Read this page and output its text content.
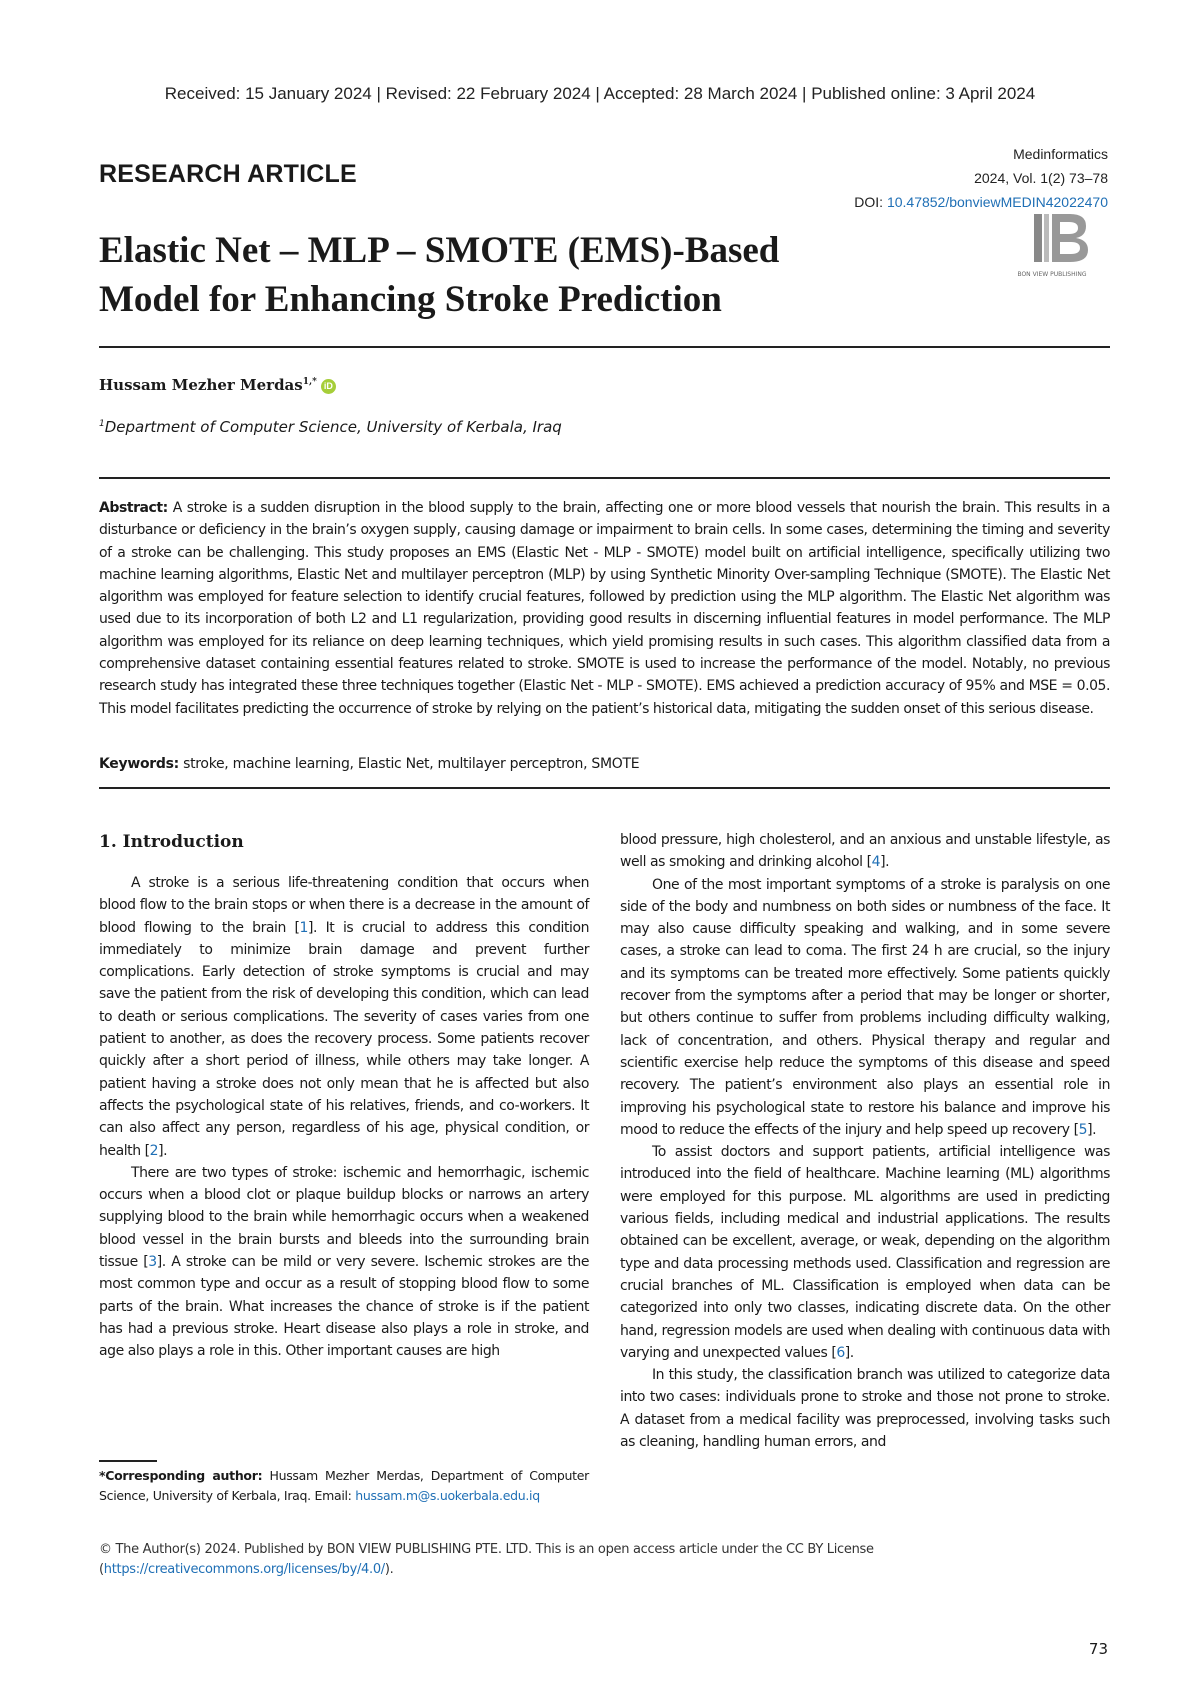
Received: 15 January 2024 | Revised: 22 February 2024 | Accepted: 28 March 2024 | Published online: 3 April 2024
RESEARCH ARTICLE
Medinformatics
2024, Vol. 1(2) 73–78
DOI: 10.47852/bonviewMEDIN42022470
BON VIEW PUBLISHING
Elastic Net – MLP – SMOTE (EMS)-Based
Model for Enhancing Stroke Prediction
Hussam Mezher Merdas$^{1,*}$ iD
$^1$Department of Computer Science, University of Kerbala, Iraq
Abstract: A stroke is a sudden disruption in the blood supply to the brain, affecting one or more blood vessels that nourish the brain. This results in a disturbance or deficiency in the brain’s oxygen supply, causing damage or impairment to brain cells. In some cases, determining the timing and severity of a stroke can be challenging. This study proposes an EMS (Elastic Net - MLP - SMOTE) model built on artificial intelligence, specifically utilizing two machine learning algorithms, Elastic Net and multilayer perceptron (MLP) by using Synthetic Minority Over-sampling Technique (SMOTE). The Elastic Net algorithm was employed for feature selection to identify crucial features, followed by prediction using the MLP algorithm. The Elastic Net algorithm was used due to its incorporation of both L2 and L1 regularization, providing good results in discerning influential features in model performance. The MLP algorithm was employed for its reliance on deep learning techniques, which yield promising results in such cases. This algorithm classified data from a comprehensive dataset containing essential features related to stroke. SMOTE is used to increase the performance of the model. Notably, no previous research study has integrated these three techniques together (Elastic Net - MLP - SMOTE). EMS achieved a prediction accuracy of 95% and MSE = 0.05. This model facilitates predicting the occurrence of stroke by relying on the patient’s historical data, mitigating the sudden onset of this serious disease.
Keywords: stroke, machine learning, Elastic Net, multilayer perceptron, SMOTE
1. Introduction

A stroke is a serious life-threatening condition that occurs when blood flow to the brain stops or when there is a decrease in the amount of blood flowing to the brain [1]. It is crucial to address this condition immediately to minimize brain damage and prevent further complications. Early detection of stroke symptoms is crucial and may save the patient from the risk of developing this condition, which can lead to death or serious complications. The severity of cases varies from one patient to another, as does the recovery process. Some patients recover quickly after a short period of illness, while others may take longer. A patient having a stroke does not only mean that he is affected but also affects the psychological state of his relatives, friends, and co-workers. It can also affect any person, regardless of his age, physical condition, or health [2].

There are two types of stroke: ischemic and hemorrhagic, ischemic occurs when a blood clot or plaque buildup blocks or narrows an artery supplying blood to the brain while hemorrhagic occurs when a weakened blood vessel in the brain bursts and bleeds into the surrounding brain tissue [3]. A stroke can be mild or very severe. Ischemic strokes are the most common type and occur as a result of stopping blood flow to some parts of the brain. What increases the chance of stroke is if the patient has had a previous stroke. Heart disease also plays a role in stroke, and age also plays a role in this. Other important causes are high

blood pressure, high cholesterol, and an anxious and unstable lifestyle, as well as smoking and drinking alcohol [4].

One of the most important symptoms of a stroke is paralysis on one side of the body and numbness on both sides or numbness of the face. It may also cause difficulty speaking and walking, and in some severe cases, a stroke can lead to coma. The first 24 h are crucial, so the injury and its symptoms can be treated more effectively. Some patients quickly recover from the symptoms after a period that may be longer or shorter, but others continue to suffer from problems including difficulty walking, lack of concentration, and others. Physical therapy and regular and scientific exercise help reduce the symptoms of this disease and speed recovery. The patient’s environment also plays an essential role in improving his psychological state to restore his balance and improve his mood to reduce the effects of the injury and help speed up recovery [5].

To assist doctors and support patients, artificial intelligence was introduced into the field of healthcare. Machine learning (ML) algorithms were employed for this purpose. ML algorithms are used in predicting various fields, including medical and industrial applications. The results obtained can be excellent, average, or weak, depending on the algorithm type and data processing methods used. Classification and regression are crucial branches of ML. Classification is employed when data can be categorized into only two classes, indicating discrete data. On the other hand, regression models are used when dealing with continuous data with varying and unexpected values [6].

In this study, the classification branch was utilized to categorize data into two cases: individuals prone to stroke and those not prone to stroke. A dataset from a medical facility was preprocessed, involving tasks such as cleaning, handling human errors, and

*Corresponding author: Hussam Mezher Merdas, Department of Computer Science, University of Kerbala, Iraq. Email: hussam.m@s.uokerbala.edu.iq
© The Author(s) 2024. Published by BON VIEW PUBLISHING PTE. LTD. This is an open access article under the CC BY License (https://creativecommons.org/licenses/by/4.0/).
73
